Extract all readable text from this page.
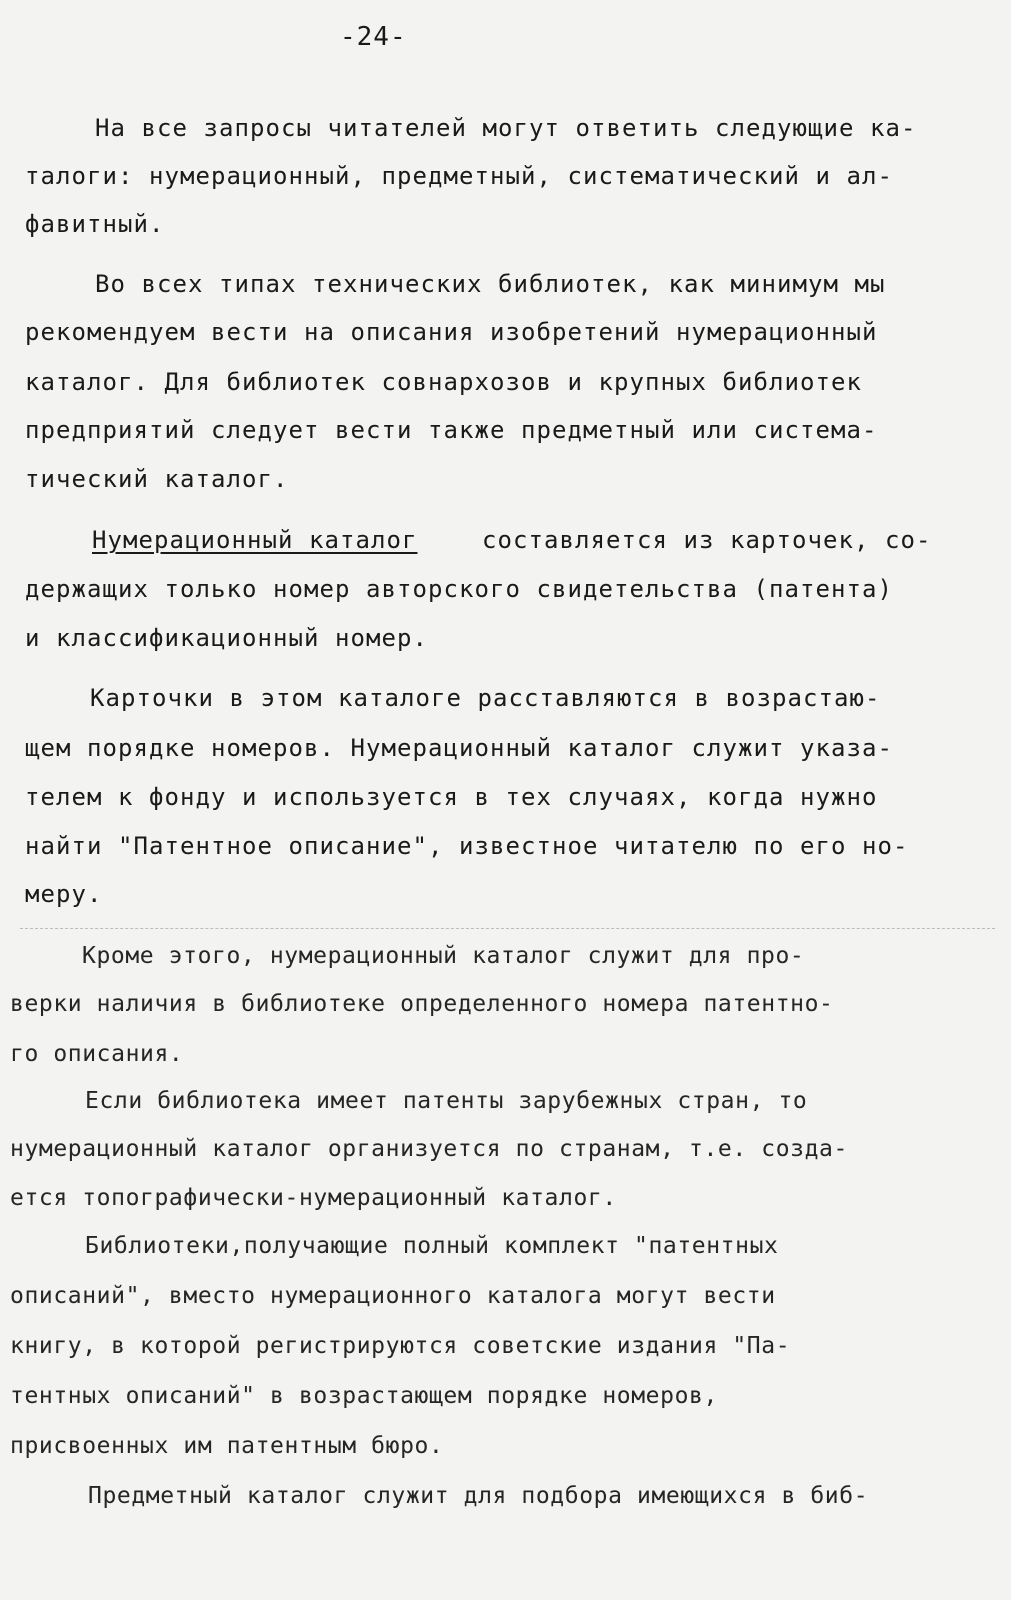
-24-

На все запросы читателей могут ответить следующие ка-

талоги: нумерационный, предметный, систематический и ал-

фавитный.

Во всех типах технических библиотек, как минимум мы

рекомендуем вести на описания изобретений нумерационный

каталог. Для библиотек совнархозов и крупных библиотек

предприятий следует вести также предметный или системa-

тический каталог.

Нумерационный каталог	составляется из карточек, со-

держащих только номер авторского свидетельства (патента)

и классификационный номер.

Карточки в этом каталоге расставляются в возрастаю-

щем порядке номеров. Нумерационный каталог служит указа-

телем к фонду и используется в тех случаях, когда нужно

найти "Патентное описание", известное читателю по его но-

меру.

Кроме этого, нумерационный каталог служит для про-

верки наличия в библиотеке определенного номера патентно-

го описания.

Если библиотека имеет патенты зарубежных стран, то

нумерационный каталог организуется по странам, т.е. созда-

ется топографически-нумерационный каталог.

Библиотеки,получающие полный комплект "патентных

описаний", вместо нумерационного каталога могут вести

книгу, в которой регистрируются советские издания "Па-

тентных описаний" в возрастающем порядке номеров,

присвоенных им патентным бюро.

Предметный каталог служит для подбора имеющихся в биб-
